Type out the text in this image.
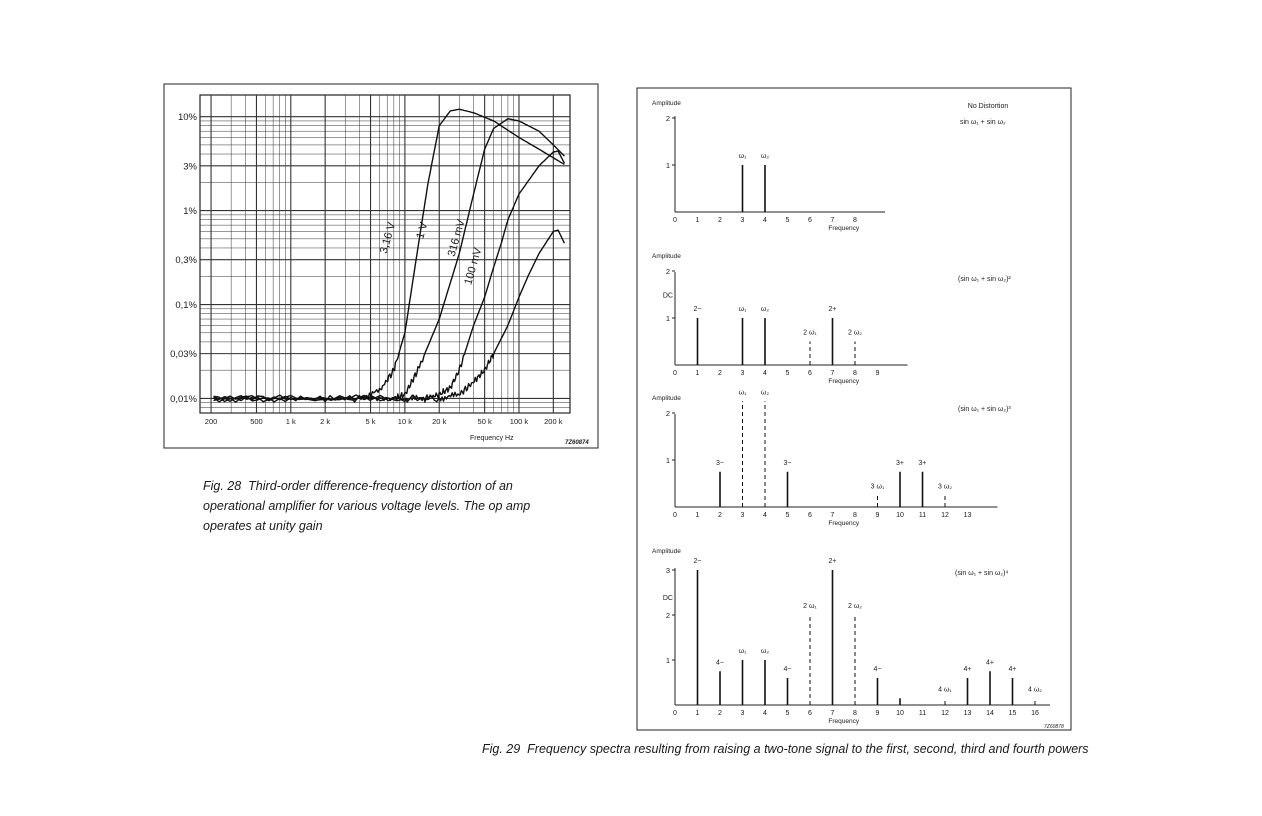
0,01%
0,03%
0,1%
0,3%
1%
3%
10%
200	500	1 k	2 k	5 k	10 k	20 k	50 k 100 k 200 k
3,16 V 1 V 316 mV
100 mV
Frequency Hz
7Z60874
Amplitude
2
1
0	1	2	3	4	5	6	7	8
Frequency
No Distortion
sin ω₁ + sin ω₂
ω₁ ω₂
Amplitude
2
1
DC
0	1	2	3	4	5	6	7	8	9
Frequency
(sin ω₁ + sin ω₂)²
2−	ω₁ ω₂
2 ω₁
2+
2 ω₂
Amplitude
2
1
0	1	2	3	4	5	6	7	8	9 10 11 12 13
Frequency
(sin ω₁ + sin ω₂)³
3−
ω₁ ω₂
3−
3 ω₁
3+ 3+
3 ω₂
Amplitude
3
2
1
DC
0	1	2	3	4	5	6	7	8	9 10 11 12 13 14 15 16
Frequency
(sin ω₁ + sin ω₂)⁴
2−
4−
ω₁ ω₂
4−
2 ω₁
2+
2 ω₂
4−
4 ω₁
4+
4+
4+
4 ω₂
7Z60878

Fig. 28 Third-order difference-frequency distortion of an operational amplifier for various voltage levels. The op amp operates at unity gain

Fig. 29 Frequency spectra resulting from raising a two-tone signal to the first, second, third and fourth powers
